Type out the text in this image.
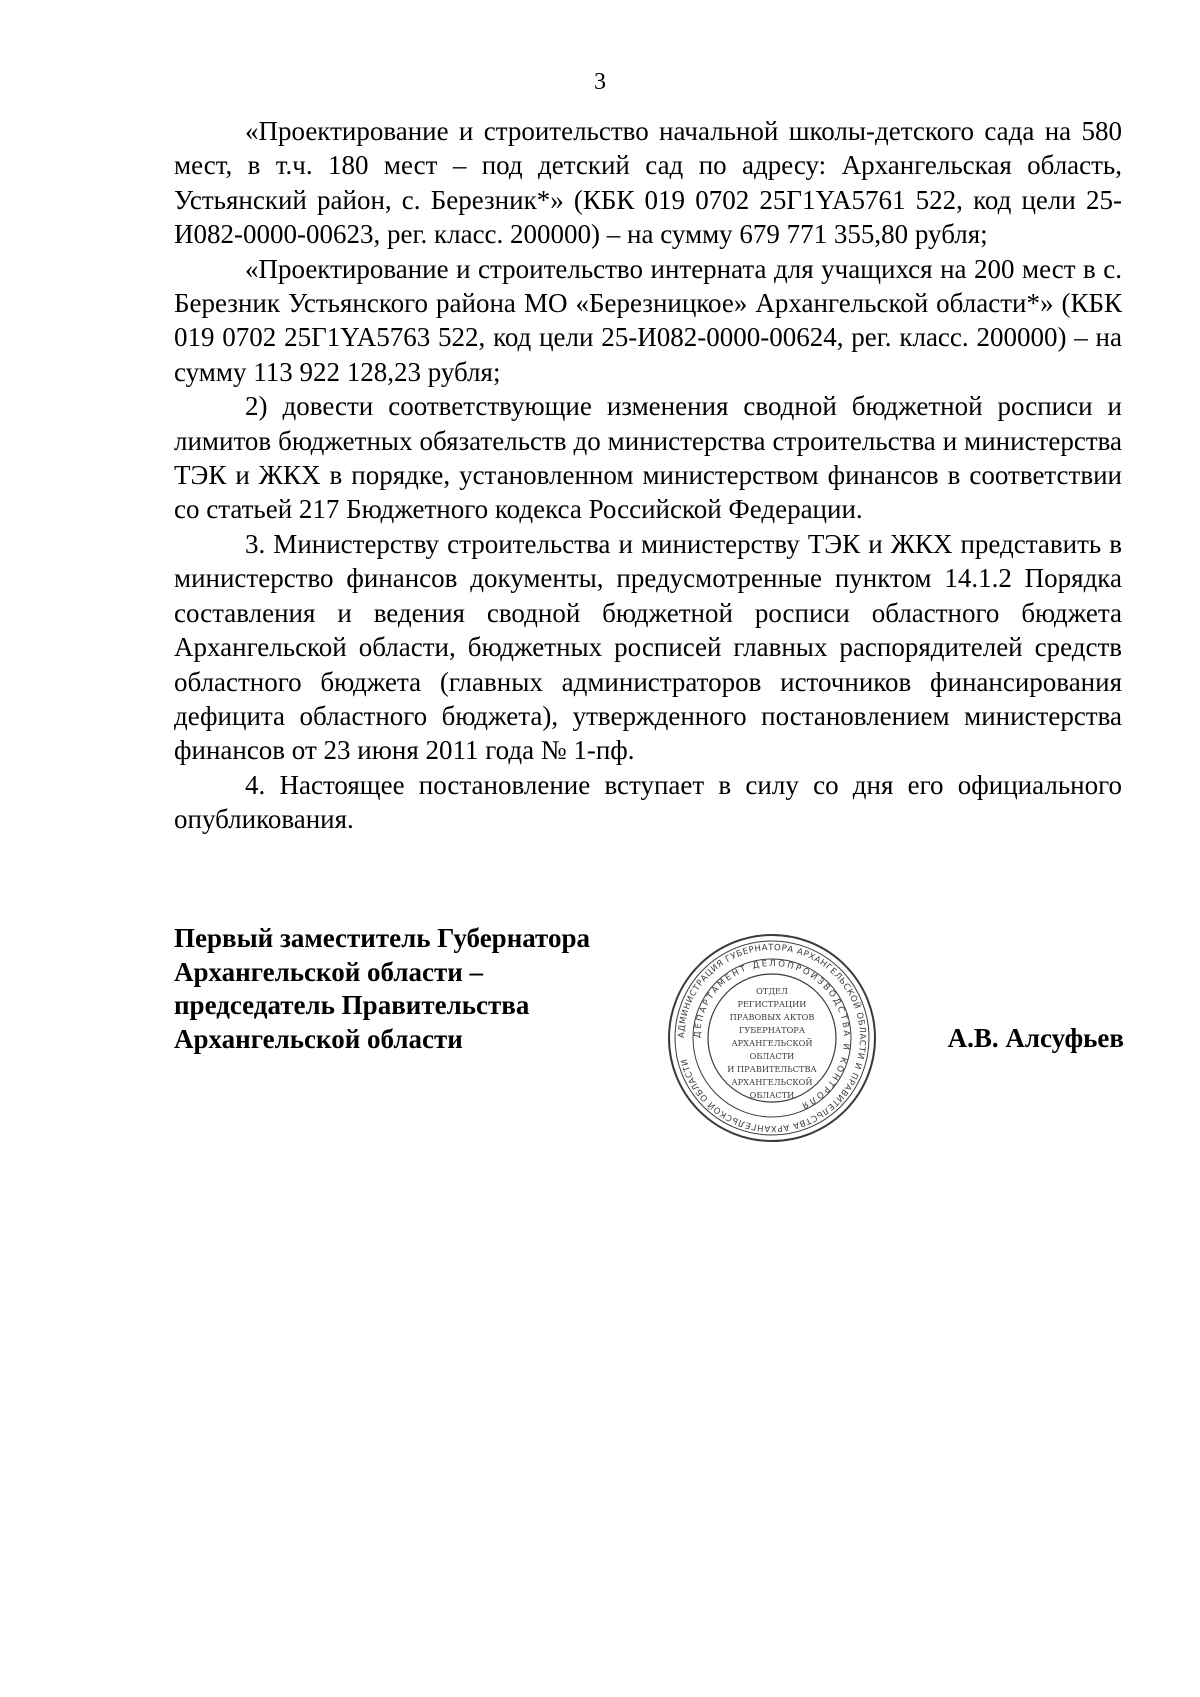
3

«Проектирование и строительство начальной школы-детского сада на 580 мест, в т.ч. 180 мест – под детский сад по адресу: Архангельская область, Устьянский район, с. Березник*» (КБК 019 0702 25Г1YA5761 522, код цели 25-И082-0000-00623, рег. класс. 200000) – на сумму 679 771 355,80 рубля;

«Проектирование и строительство интерната для учащихся на 200 мест в с. Березник Устьянского района МО «Березницкое» Архангельской области*» (КБК 019 0702 25Г1YA5763 522, код цели 25-И082-0000-00624, рег. класс. 200000) – на сумму 113 922 128,23 рубля;

2) довести соответствующие изменения сводной бюджетной росписи и лимитов бюджетных обязательств до министерства строительства и министерства ТЭК и ЖКХ в порядке, установленном министерством финансов в соответствии со статьей 217 Бюджетного кодекса Российской Федерации.

3. Министерству строительства и министерству ТЭК и ЖКХ представить в министерство финансов документы, предусмотренные пунктом 14.1.2 Порядка составления и ведения сводной бюджетной росписи областного бюджета Архангельской области, бюджетных росписей главных распорядителей средств областного бюджета (главных администраторов источников финансирования дефицита областного бюджета), утвержденного постановлением министерства финансов от 23 июня 2011 года № 1-пф.

4. Настоящее постановление вступает в силу со дня его официального опубликования.

Первый заместитель Губернатора
Архангельской области –
председатель Правительства
Архангельской области	АДМИНИСТРАЦИЯ ГУБЕРНАТОРА АРХАНГЕЛЬСКОЙ ОБЛАСТИ И ПРАВИТЕЛЬСТВА АРХАНГЕЛЬСКОЙ ОБЛАСТИ
ДЕПАРТАМЕНТ ДЕЛОПРОИЗВОДСТВА И КОНТРОЛЯ
ОТДЕЛ
РЕГИСТРАЦИИ
ПРАВОВЫХ АКТОВ
ГУБЕРНАТОРА
АРХАНГЕЛЬСКОЙ
ОБЛАСТИ
И ПРАВИТЕЛЬСТВА
АРХАНГЕЛЬСКОЙ
ОБЛАСТИ
А.В. Алсуфьев
